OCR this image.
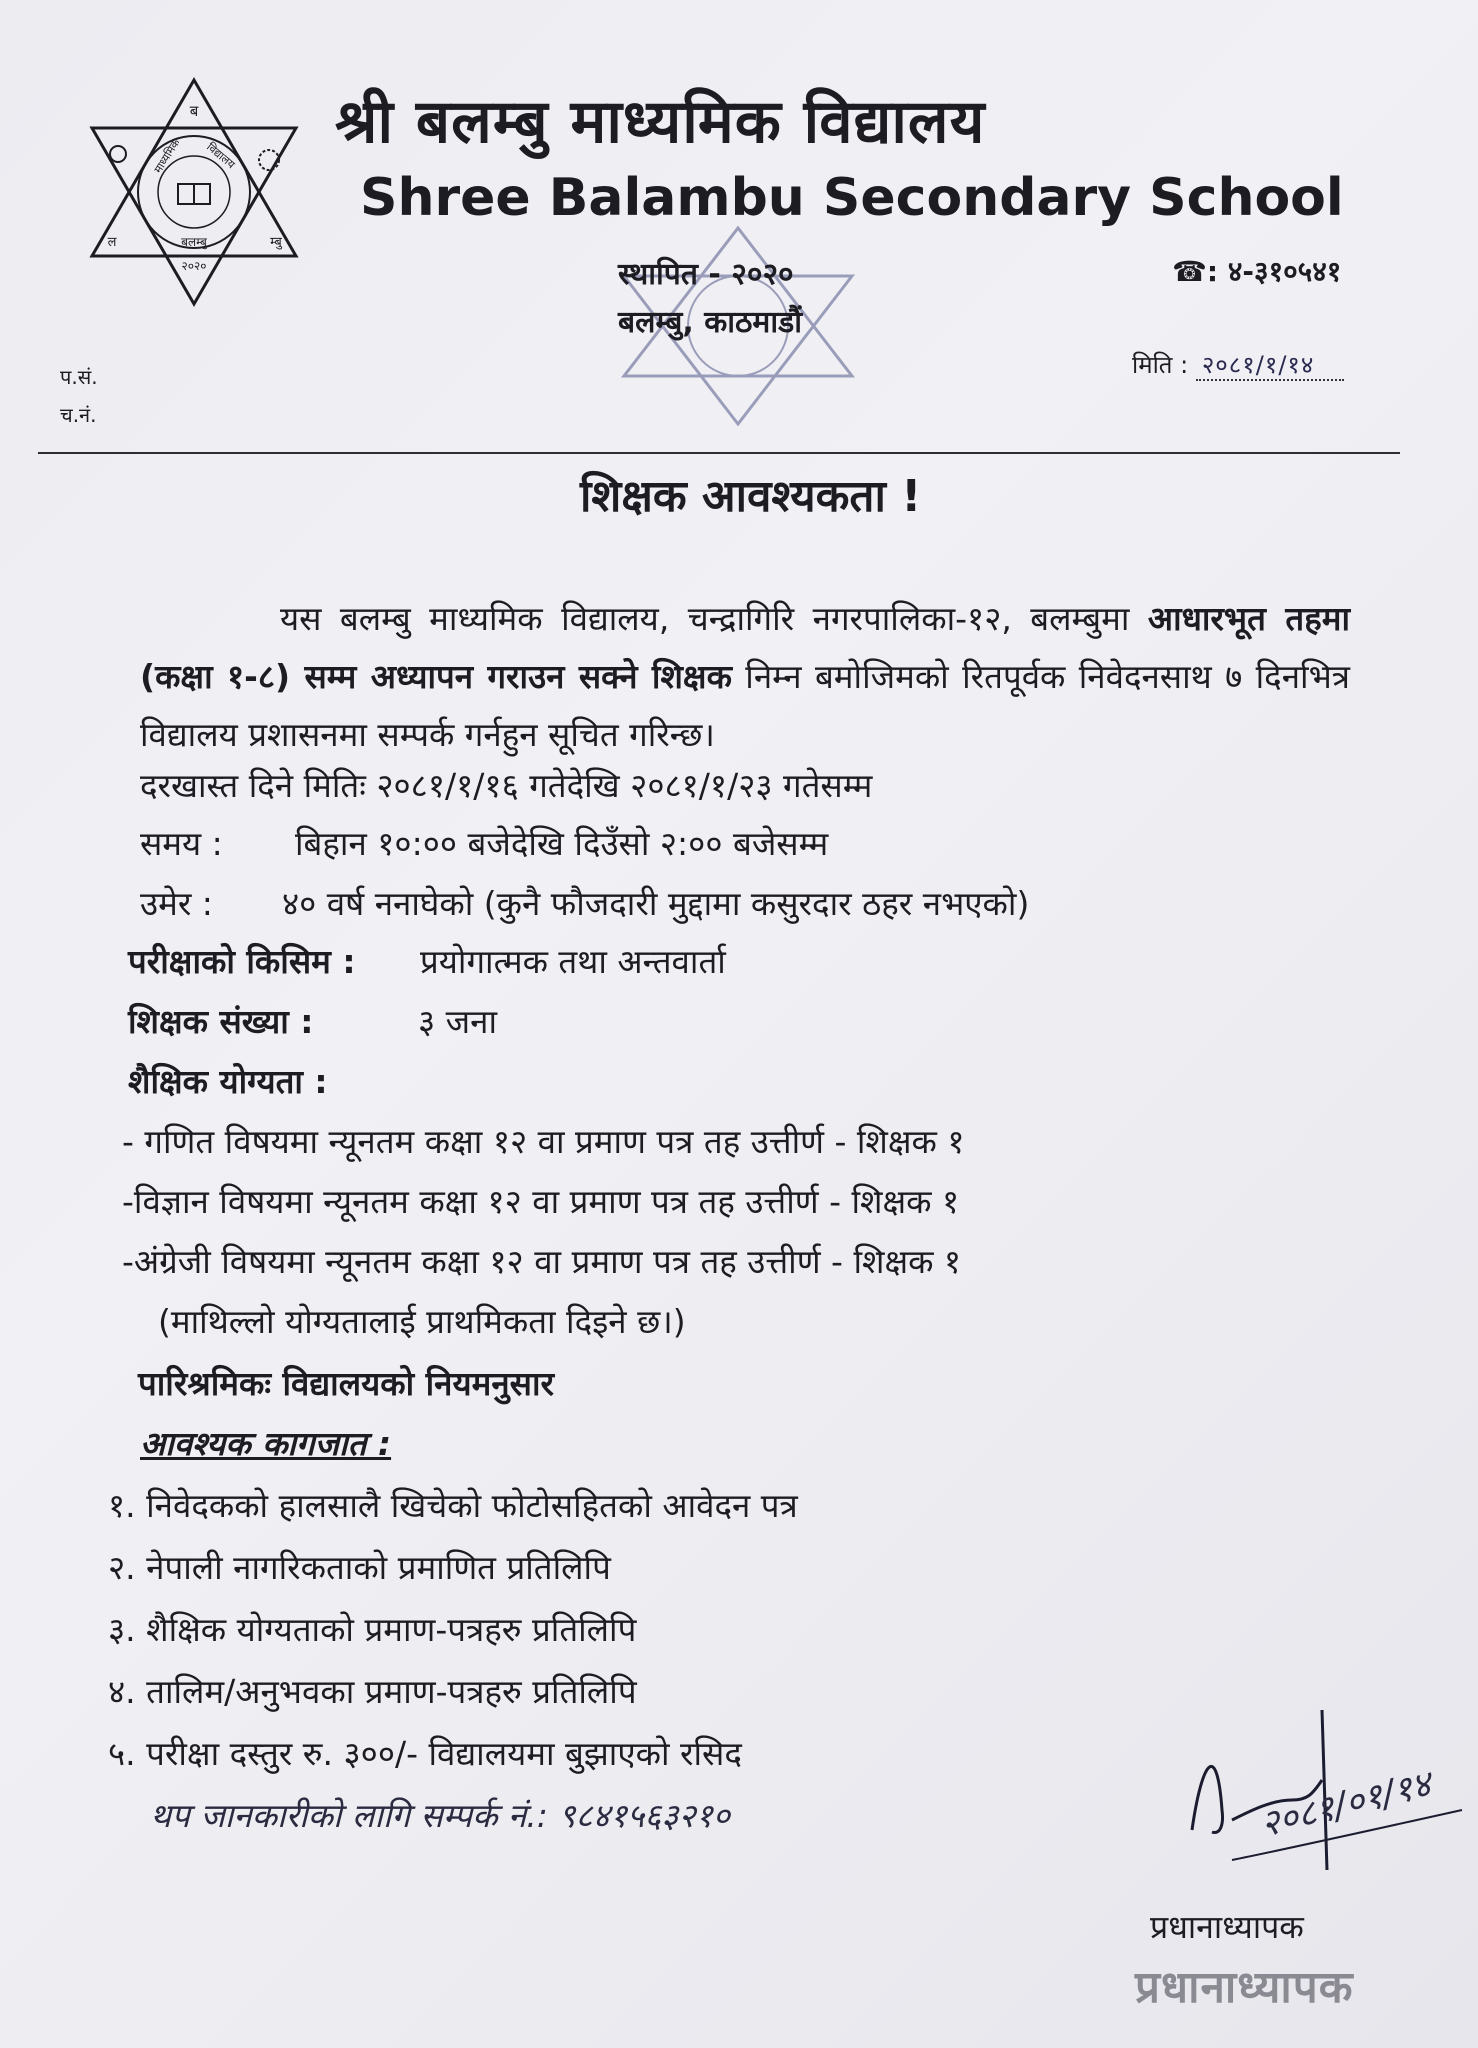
ब
ल	बलम्बु	म्बु
२०२०
माध्यमिक विद्यालय श्री बलम्बु माध्यमिक विद्यालय
Shree Balambu Secondary School
स्थापित - २०२०
बलम्बु, काठमाडौं
☎: ४-३१०५४१
मिति : २०८१/१/१४
प.सं.
च.नं.
शिक्षक आवश्यकता !
यस बलम्बु माध्यमिक विद्यालय, चन्द्रागिरि नगरपालिका-१२, बलम्बुमा आधारभूत तहमा (कक्षा १-८) सम्म अध्यापन गराउन सक्ने शिक्षक निम्न बमोजिमको रितपूर्वक निवेदनसाथ ७ दिनभित्र विद्यालय प्रशासनमा सम्पर्क गर्नहुन सूचित गरिन्छ।
दरखास्त दिने मितिः २०८१/१/१६ गतेदेखि २०८१/१/२३ गतेसम्म
समय : बिहान १०:०० बजेदेखि दिउँसो २:०० बजेसम्म
उमेर : ४० वर्ष ननाघेको (कुनै फौजदारी मुद्दामा कसुरदार ठहर नभएको)
परीक्षाको किसिम : प्रयोगात्मक तथा अन्तवार्ता
शिक्षक संख्या :	३ जना
शैक्षिक योग्यता :
- गणित विषयमा न्यूनतम कक्षा १२ वा प्रमाण पत्र तह उत्तीर्ण - शिक्षक १
-विज्ञान विषयमा न्यूनतम कक्षा १२ वा प्रमाण पत्र तह उत्तीर्ण - शिक्षक १
-अंग्रेजी विषयमा न्यूनतम कक्षा १२ वा प्रमाण पत्र तह उत्तीर्ण - शिक्षक १
(माथिल्लो योग्यतालाई प्राथमिकता दिइने छ।)
पारिश्रमिकः विद्यालयको नियमनुसार
आवश्यक कागजात :
१. निवेदकको हालसालै खिचेको फोटोसहितको आवेदन पत्र
२. नेपाली नागरिकताको प्रमाणित प्रतिलिपि
३. शैक्षिक योग्यताको प्रमाण-पत्रहरु प्रतिलिपि
४. तालिम/अनुभवका प्रमाण-पत्रहरु प्रतिलिपि
५. परीक्षा दस्तुर रु. ३००/- विद्यालयमा बुझाएको रसिद
थप जानकारीको लागि सम्पर्क नं.: ९८४१५६३२१०	२०८१/०१/१४
प्रधानाध्यापक
प्रधानाध्यापक
